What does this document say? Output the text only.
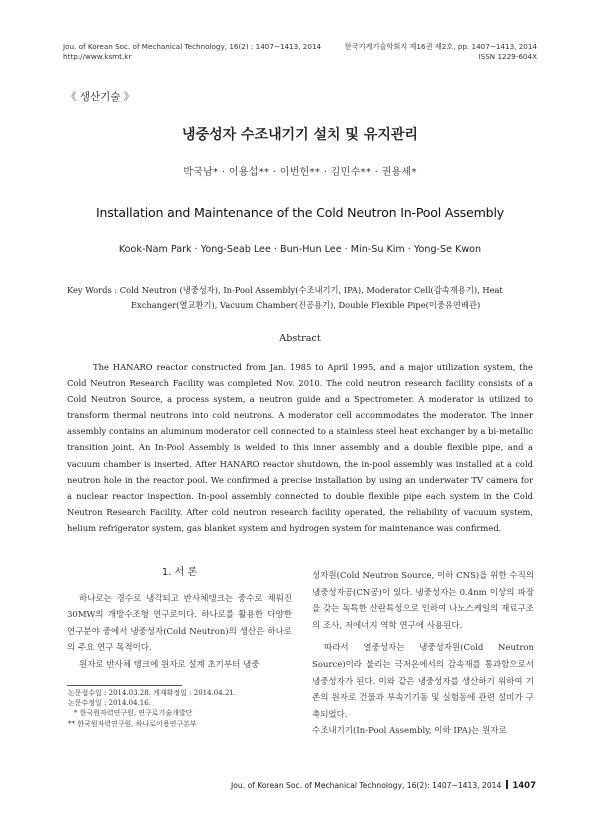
Jou. of Korean Soc. of Mechanical Technology, 16(2) : 1407~1413, 2014
http://www.ksmt.kr
한국기계기술학회지 제16권 제2호, pp. 1407~1413, 2014
ISSN 1229-604X
《 생산기술 》
냉중성자 수조내기기 설치 및 유지관리
박국남* · 이용섭** · 이번헌** · 김민수** · 권용세*
Installation and Maintenance of the Cold Neutron In-Pool Assembly
Kook-Nam Park · Yong-Seab Lee · Bun-Hun Lee · Min-Su Kim · Yong-Se Kwon
Key Words : Cold Neutron (냉중성자), In-Pool Assembly(수조내기기, IPA), Moderator Cell(감속재용기), Heat
Exchanger(열교환기), Vacuum Chamber(진공용기), Double Flexible Pipe(이중유연배관)
Abstract

The HANARO reactor constructed from Jan. 1985 to April 1995, and a major utilization system, the Cold Neutron Research Facility was completed Nov. 2010. The cold neutron research facility consists of a Cold Neutron Source, a process system, a neutron guide and a Spectrometer. A moderator is utilized to transform thermal neutrons into cold neutrons. A moderator cell accommodates the moderator. The inner assembly contains an aluminum moderator cell connected to a stainless steel heat exchanger by a bi-metallic transition joint. An In-Pool Assembly is welded to this inner assembly and a double flexible pipe, and a vacuum chamber is inserted. After HANARO reactor shutdown, the in-pool assembly was installed at a cold neutron hole in the reactor pool. We confirmed a precise installation by using an underwater TV camera for a nuclear reactor inspection. In-pool assembly connected to double flexible pipe each system in the Cold Neutron Research Facility. After cold neutron research facility operated, the reliability of vacuum system, helium refrigerator system, gas blanket system and hydrogen system for maintenance was confirmed.

1. 서 론

하나로는 경수로 냉각되고 반사체탱크는 중수로 채워진 30MW의 개방수조형 연구로이다. 하나로를 활용한 다양한 연구분야 중에서 냉중성자(Cold Neutron)의 생산은 하나로의 주요 연구 목적이다.

원자로 반사체 탱크에 원자로 설계 초기부터 냉중

성자원(Cold Neutron Source, 이하 CNS)을 위한 수직의 냉중성자공(CN공)이 있다. 냉중성자는 0.4nm 이상의 파장을 갖는 독특한 산란특성으로 인하여 나노스케일의 재료구조의 조사, 저에너지 역학 연구에 사용된다.

따라서 열중성자는 냉중성자원(Cold Neutron Source)이라 불리는 극저온에서의 감속재를 통과함으로서 냉중성자가 된다. 이와 같은 냉중성자를 생산하기 위하여 기존의 원자로 건물과 부속기기동 및 실험동에 관련 설비가 구축되었다.

수조내기기(In-Pool Assembly, 이하 IPA)는 원자로

논문접수일 : 2014.03.28. 게재확정일 : 2014.04.21.
논문수정일 : 2014.04.16.
* 한국원자력연구원, 연구로기술개발단
** 한국원자력연구원, 하나로이용연구본부
Jou. of Korean Soc. of Mechanical Technology, 16(2): 1407~1413, 2014 1407
